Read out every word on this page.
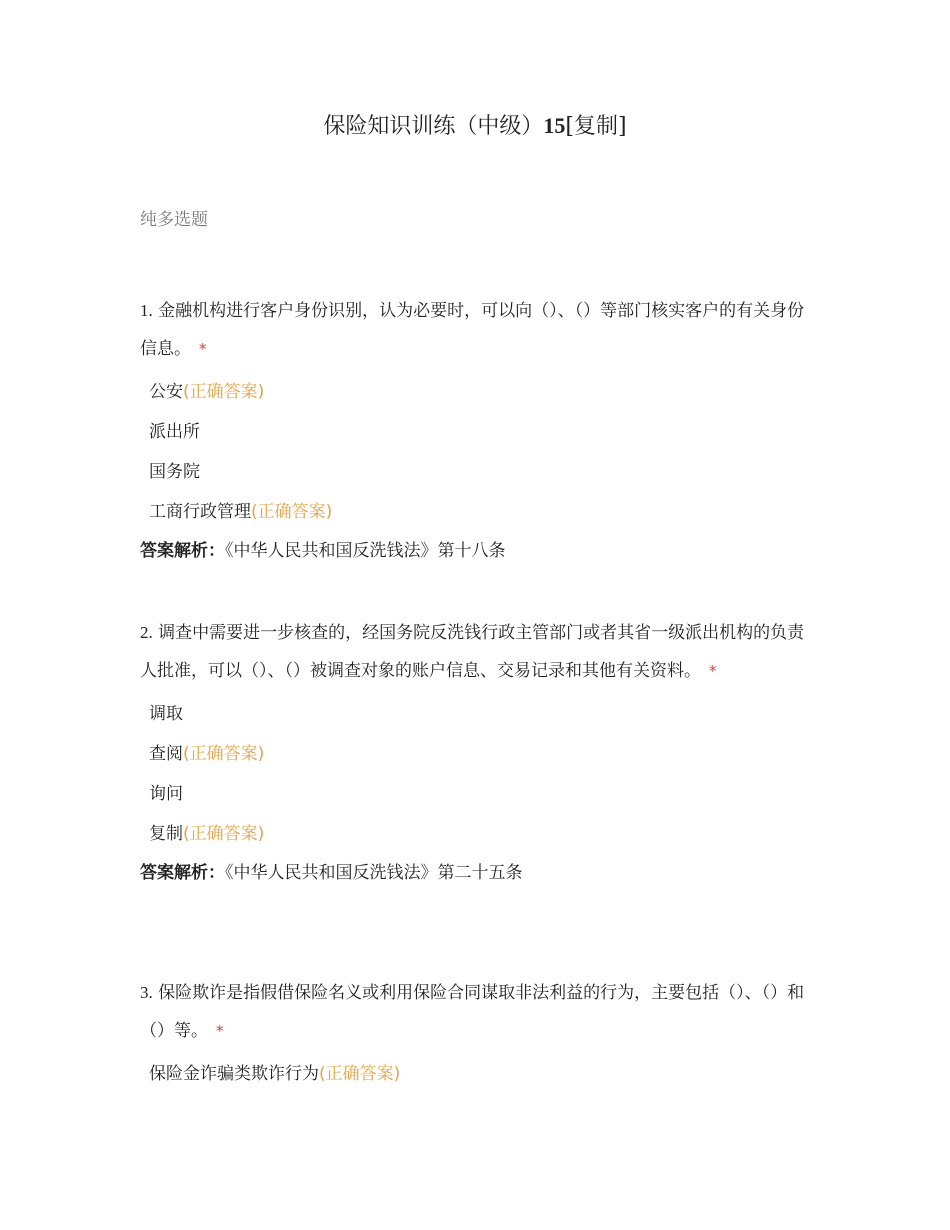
保险知识训练（中级）15[复制]
纯多选题
1. 金融机构进行客户身份识别，认为必要时，可以向（）、（）等部门核实客户的有关身份信息。 *
公安(正确答案)
派出所
国务院
工商行政管理(正确答案)
答案解析：《中华人民共和国反洗钱法》第十八条
2. 调查中需要进一步核查的，经国务院反洗钱行政主管部门或者其省一级派出机构的负责人批准，可以（）、（）被调查对象的账户信息、交易记录和其他有关资料。 *
调取
查阅(正确答案)
询问
复制(正确答案)
答案解析：《中华人民共和国反洗钱法》第二十五条
3. 保险欺诈是指假借保险名义或利用保险合同谋取非法利益的行为，主要包括（）、（）和（）等。 *
保险金诈骗类欺诈行为(正确答案)
